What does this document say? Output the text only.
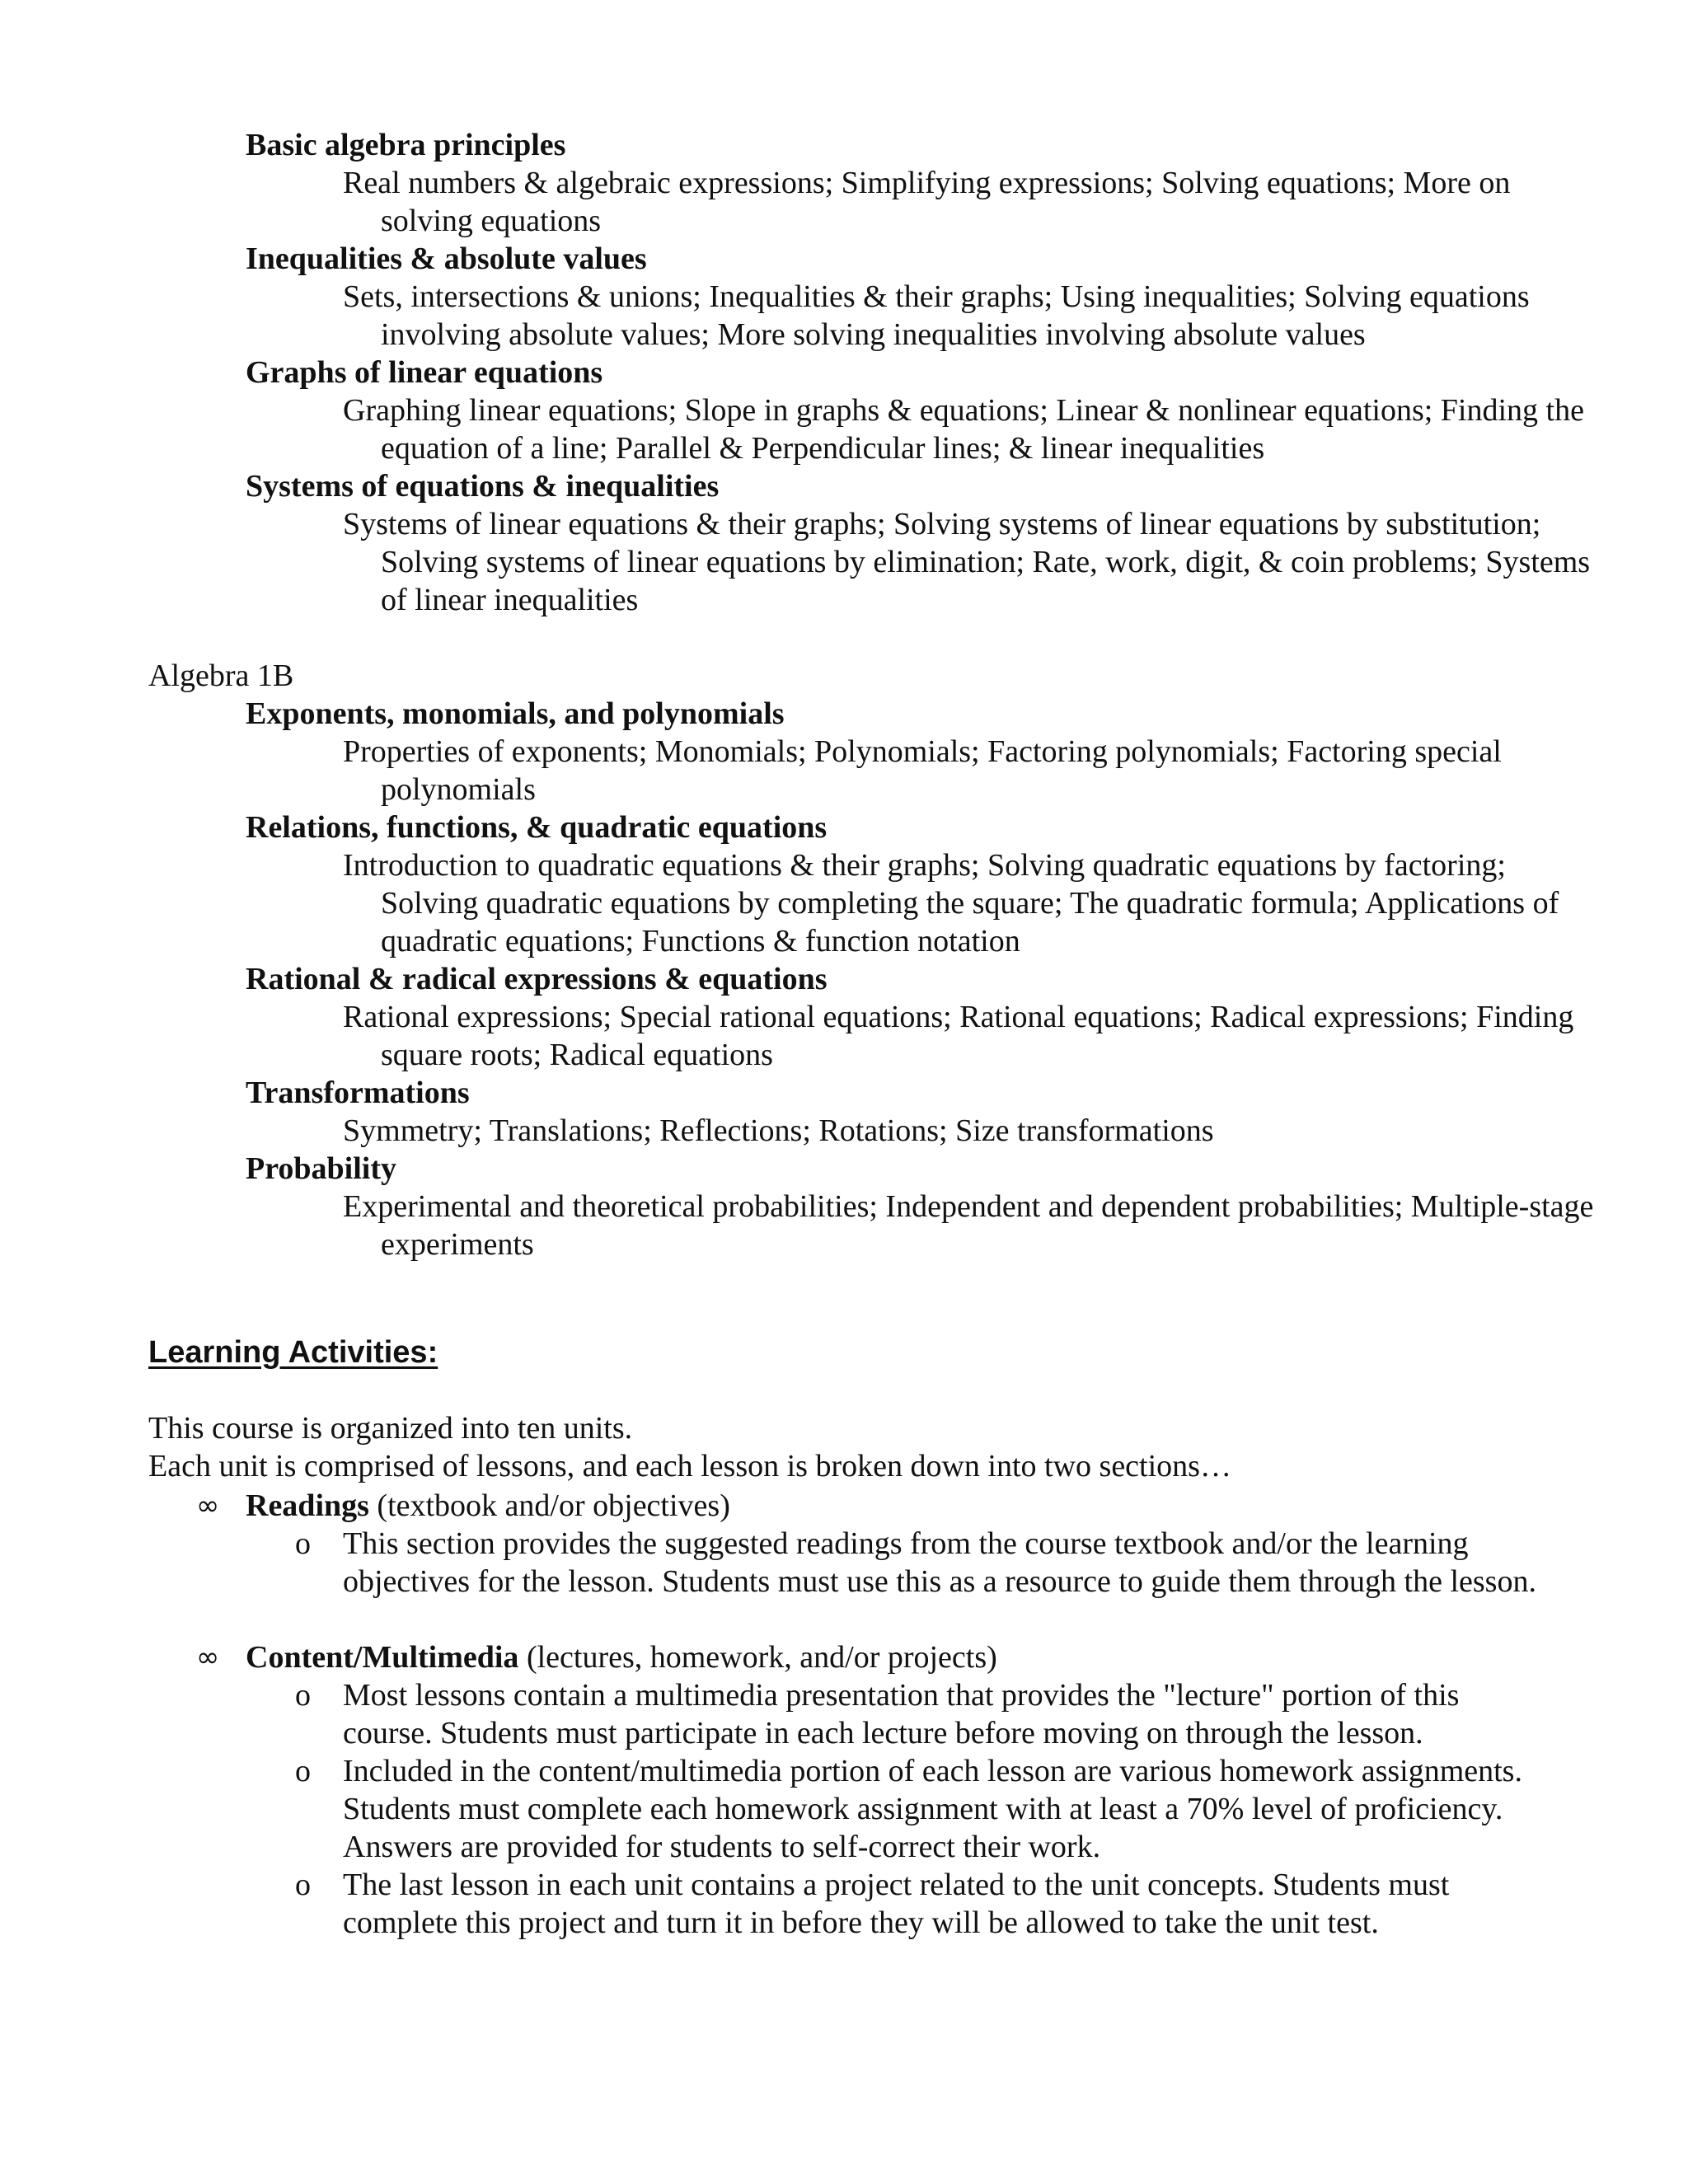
Basic algebra principles
Real numbers & algebraic expressions; Simplifying expressions; Solving equations; More on solving equations
Inequalities & absolute values
Sets, intersections & unions; Inequalities & their graphs; Using inequalities; Solving equations involving absolute values; More solving inequalities involving absolute values
Graphs of linear equations
Graphing linear equations; Slope in graphs & equations; Linear & nonlinear equations; Finding the equation of a line; Parallel & Perpendicular lines; & linear inequalities
Systems of equations & inequalities
Systems of linear equations & their graphs; Solving systems of linear equations by substitution; Solving systems of linear equations by elimination; Rate, work, digit, & coin problems; Systems of linear inequalities
Algebra 1B
Exponents, monomials, and polynomials
Properties of exponents; Monomials; Polynomials; Factoring polynomials; Factoring special polynomials
Relations, functions, & quadratic equations
Introduction to quadratic equations & their graphs; Solving quadratic equations by factoring; Solving quadratic equations by completing the square; The quadratic formula; Applications of quadratic equations; Functions & function notation
Rational & radical expressions & equations
Rational expressions; Special rational equations; Rational equations; Radical expressions; Finding square roots; Radical equations
Transformations
Symmetry; Translations; Reflections; Rotations; Size transformations
Probability
Experimental and theoretical probabilities; Independent and dependent probabilities; Multiple-stage experiments
Learning Activities:
This course is organized into ten units.
Each unit is comprised of lessons, and each lesson is broken down into two sections…
∞ Readings (textbook and/or objectives)
o This section provides the suggested readings from the course textbook and/or the learning objectives for the lesson. Students must use this as a resource to guide them through the lesson.
∞ Content/Multimedia (lectures, homework, and/or projects)
o Most lessons contain a multimedia presentation that provides the "lecture" portion of this course. Students must participate in each lecture before moving on through the lesson.
o Included in the content/multimedia portion of each lesson are various homework assignments. Students must complete each homework assignment with at least a 70% level of proficiency. Answers are provided for students to self-correct their work.
o The last lesson in each unit contains a project related to the unit concepts. Students must complete this project and turn it in before they will be allowed to take the unit test.
